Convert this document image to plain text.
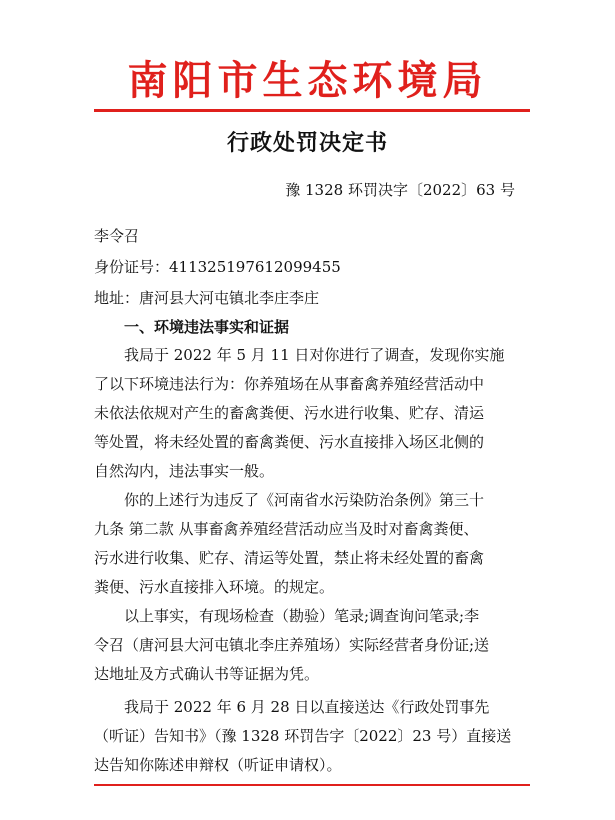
南阳市生态环境局
行政处罚决定书
豫 1328 环罚决字〔2022〕63 号
李令召
身份证号：411325197612099455
地址：唐河县大河屯镇北李庄李庄
一、环境违法事实和证据
我局于 2022 年 5 月 11 日对你进行了调查，发现你实施
了以下环境违法行为：你养殖场在从事畜禽养殖经营活动中
未依法依规对产生的畜禽粪便、污水进行收集、贮存、清运
等处置，将未经处置的畜禽粪便、污水直接排入场区北侧的
自然沟内，违法事实一般。
你的上述行为违反了《河南省水污染防治条例》第三十
九条 第二款 从事畜禽养殖经营活动应当及时对畜禽粪便、
污水进行收集、贮存、清运等处置，禁止将未经处置的畜禽
粪便、污水直接排入环境。的规定。
以上事实，有现场检查（勘验）笔录;调查询问笔录;李
令召（唐河县大河屯镇北李庄养殖场）实际经营者身份证;送
达地址及方式确认书等证据为凭。
我局于 2022 年 6 月 28 日以直接送达《行政处罚事先
（听证）告知书》（豫 1328 环罚告字〔2022〕23 号）直接送
达告知你陈述申辩权（听证申请权）。
